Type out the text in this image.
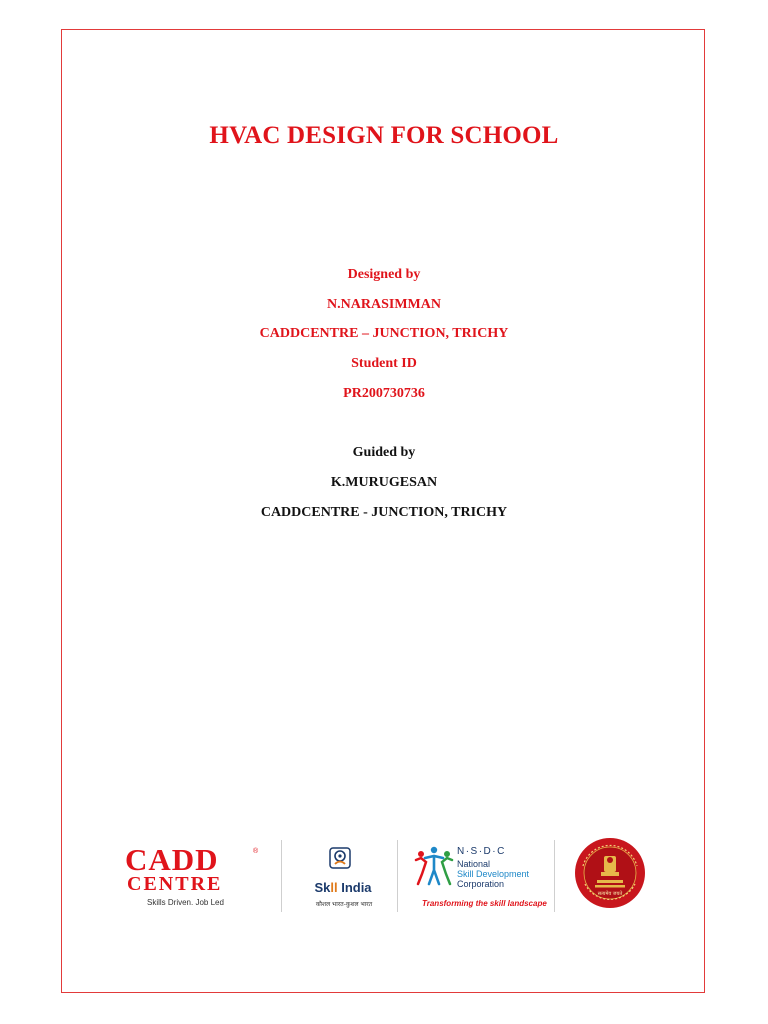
HVAC DESIGN FOR SCHOOL
Designed by
N.NARASIMMAN
CADDCENTRE – JUNCTION, TRICHY
Student ID
PR200730736
Guided by
K.MURUGESAN
CADDCENTRE - JUNCTION, TRICHY
CADD	®
CENTRE
Skills Driven. Job Led
Skll India
कौशल भारत-कुशल भारत
N·S·D·C
National
Skill Development
Corporation
Transforming the skill landscape
सत्यमेव जयते
